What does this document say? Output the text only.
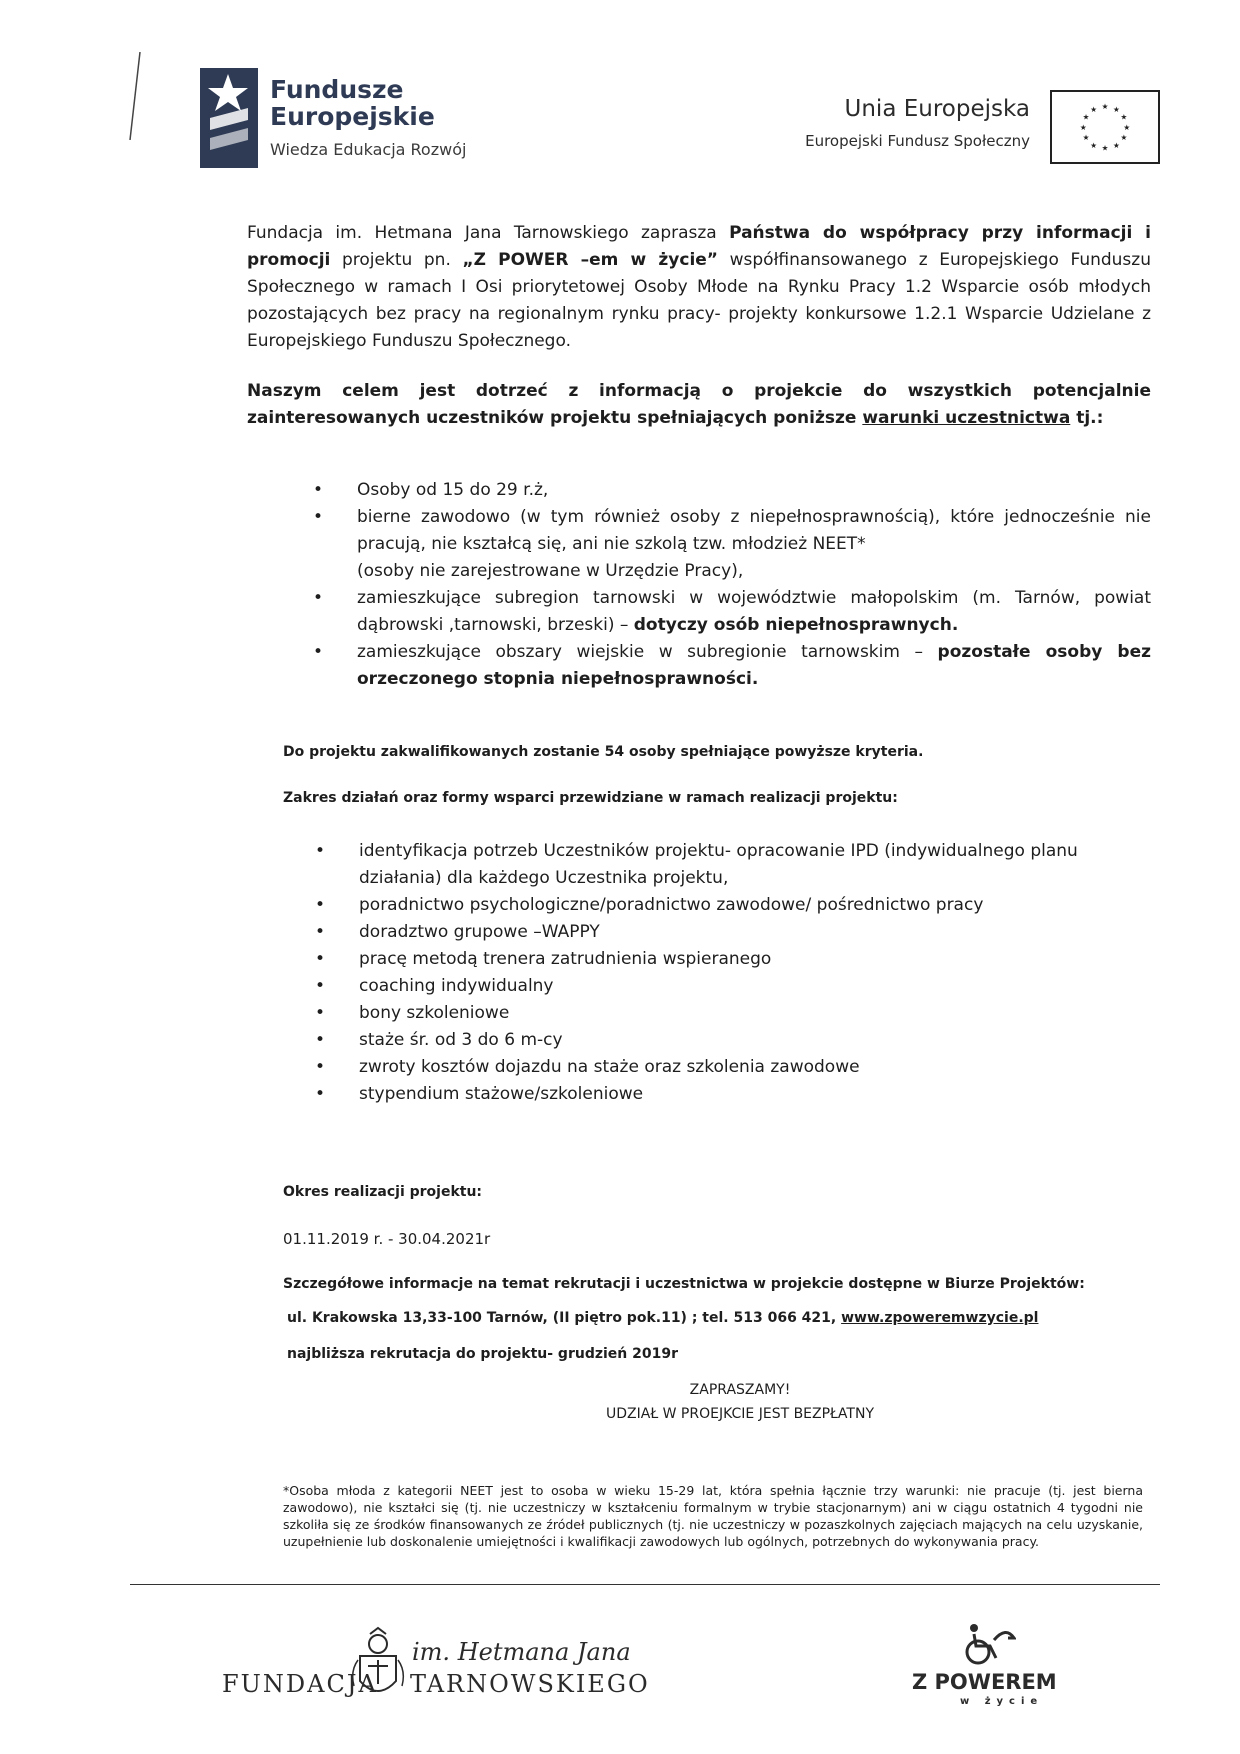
Fundusze
Europejskie
Wiedza Edukacja Rozwój
Unia Europejska
Europejski Fundusz Społeczny
★ ★
★
★
★
★
★
★
★
★
★
★
Fundacja im. Hetmana Jana Tarnowskiego zaprasza Państwa do współpracy przy informacji i promocji projektu pn. „Z POWER –em w życie” współfinansowanego z Europejskiego Funduszu Społecznego w ramach I Osi priorytetowej Osoby Młode na Rynku Pracy 1.2 Wsparcie osób młodych pozostających bez pracy na regionalnym rynku pracy- projekty konkursowe 1.2.1 Wsparcie Udzielane z Europejskiego Funduszu Społecznego.
Naszym celem jest dotrzeć z informacją o projekcie do wszystkich potencjalnie zainteresowanych uczestników projektu spełniających poniższe warunki uczestnictwa tj.:
• Osoby od 15 do 29 r.ż,
• bierne zawodowo (w tym również osoby z niepełnosprawnością), które jednocześnie nie pracują, nie kształcą się, ani nie szkolą tzw. młodzież NEET*
(osoby nie zarejestrowane w Urzędzie Pracy),
• zamieszkujące subregion tarnowski w województwie małopolskim (m. Tarnów, powiat dąbrowski ,tarnowski, brzeski) – dotyczy osób niepełnosprawnych.
• zamieszkujące obszary wiejskie w subregionie tarnowskim – pozostałe osoby bez orzeczonego stopnia niepełnosprawności.
Do projektu zakwalifikowanych zostanie 54 osoby spełniające powyższe kryteria.
Zakres działań oraz formy wsparci przewidziane w ramach realizacji projektu:
• identyfikacja potrzeb Uczestników projektu- opracowanie IPD (indywidualnego planu działania) dla każdego Uczestnika projektu,
• poradnictwo psychologiczne/poradnictwo zawodowe/ pośrednictwo pracy
• doradztwo grupowe –WAPPY
• pracę metodą trenera zatrudnienia wspieranego
• coaching indywidualny
• bony szkoleniowe
• staże śr. od 3 do 6 m-cy
• zwroty kosztów dojazdu na staże oraz szkolenia zawodowe
• stypendium stażowe/szkoleniowe
Okres realizacji projektu:
01.11.2019 r. - 30.04.2021r
Szczegółowe informacje na temat rekrutacji i uczestnictwa w projekcie dostępne w Biurze Projektów:
ul. Krakowska 13,33-100 Tarnów, (II piętro pok.11) ; tel. 513 066 421, www.zpoweremwzycie.pl
najbliższa rekrutacja do projektu- grudzień 2019r
ZAPRASZAMY!
UDZIAŁ W PROEJKCIE JEST BEZPŁATNY
*Osoba młoda z kategorii NEET jest to osoba w wieku 15-29 lat, która spełnia łącznie trzy warunki: nie pracuje (tj. jest bierna zawodowo), nie kształci się (tj. nie uczestniczy w kształceniu formalnym w trybie stacjonarnym) ani w ciągu ostatnich 4 tygodni nie szkoliła się ze środków finansowanych ze źródeł publicznych (tj. nie uczestniczy w pozaszkolnych zajęciach mających na celu uzyskanie, uzupełnienie lub doskonalenie umiejętności i kwalifikacji zawodowych lub ogólnych, potrzebnych do wykonywania pracy.
FUNDACJA
im. Hetmana Jana
TARNOWSKIEGO	Z POWEREM
w życie
